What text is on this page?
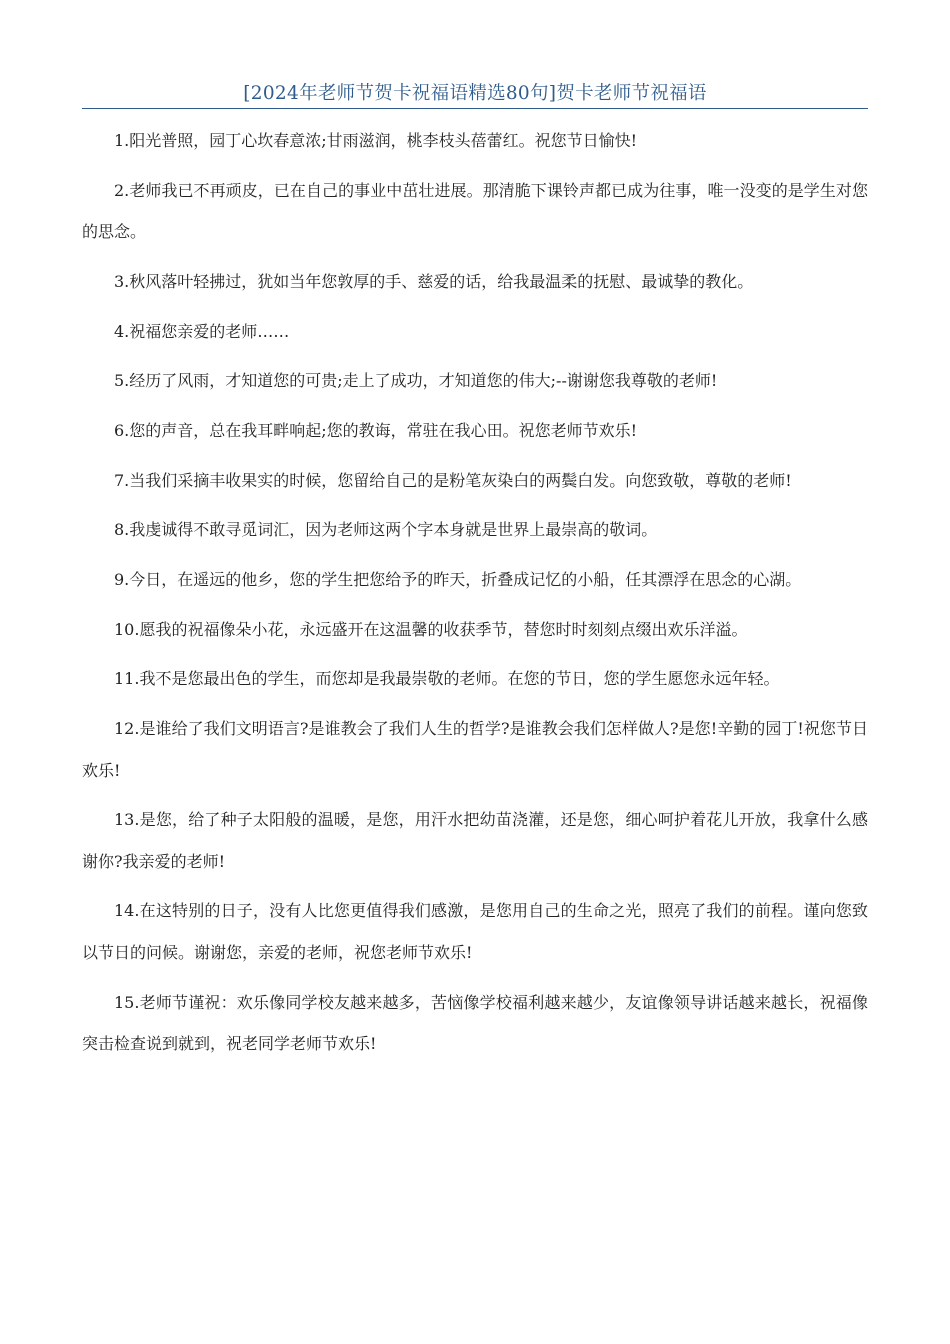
[2024年老师节贺卡祝福语精选80句]贺卡老师节祝福语

1.阳光普照，园丁心坎春意浓;甘雨滋润，桃李枝头蓓蕾红。祝您节日愉快!

2.老师我已不再顽皮，已在自己的事业中茁壮进展。那清脆下课铃声都已成为往事，唯一没变的是学生对您的思念。

3.秋风落叶轻拂过，犹如当年您敦厚的手、慈爱的话，给我最温柔的抚慰、最诚挚的教化。

4.祝福您亲爱的老师……

5.经历了风雨，才知道您的可贵;走上了成功，才知道您的伟大;--谢谢您我尊敬的老师!

6.您的声音，总在我耳畔响起;您的教诲，常驻在我心田。祝您老师节欢乐!

7.当我们采摘丰收果实的时候，您留给自己的是粉笔灰染白的两鬓白发。向您致敬，尊敬的老师!

8.我虔诚得不敢寻觅词汇，因为老师这两个字本身就是世界上最崇高的敬词。

9.今日，在遥远的他乡，您的学生把您给予的昨天，折叠成记忆的小船，任其漂浮在思念的心湖。

10.愿我的祝福像朵小花，永远盛开在这温馨的收获季节，替您时时刻刻点缀出欢乐洋溢。

11.我不是您最出色的学生，而您却是我最崇敬的老师。在您的节日，您的学生愿您永远年轻。

12.是谁给了我们文明语言?是谁教会了我们人生的哲学?是谁教会我们怎样做人?是您!辛勤的园丁!祝您节日欢乐!

13.是您，给了种子太阳般的温暖，是您，用汗水把幼苗浇灌，还是您，细心呵护着花儿开放，我拿什么感谢你?我亲爱的老师!

14.在这特别的日子，没有人比您更值得我们感激，是您用自己的生命之光，照亮了我们的前程。谨向您致以节日的问候。谢谢您，亲爱的老师，祝您老师节欢乐!

15.老师节谨祝：欢乐像同学校友越来越多，苦恼像学校福利越来越少，友谊像领导讲话越来越长，祝福像突击检查说到就到，祝老同学老师节欢乐!
